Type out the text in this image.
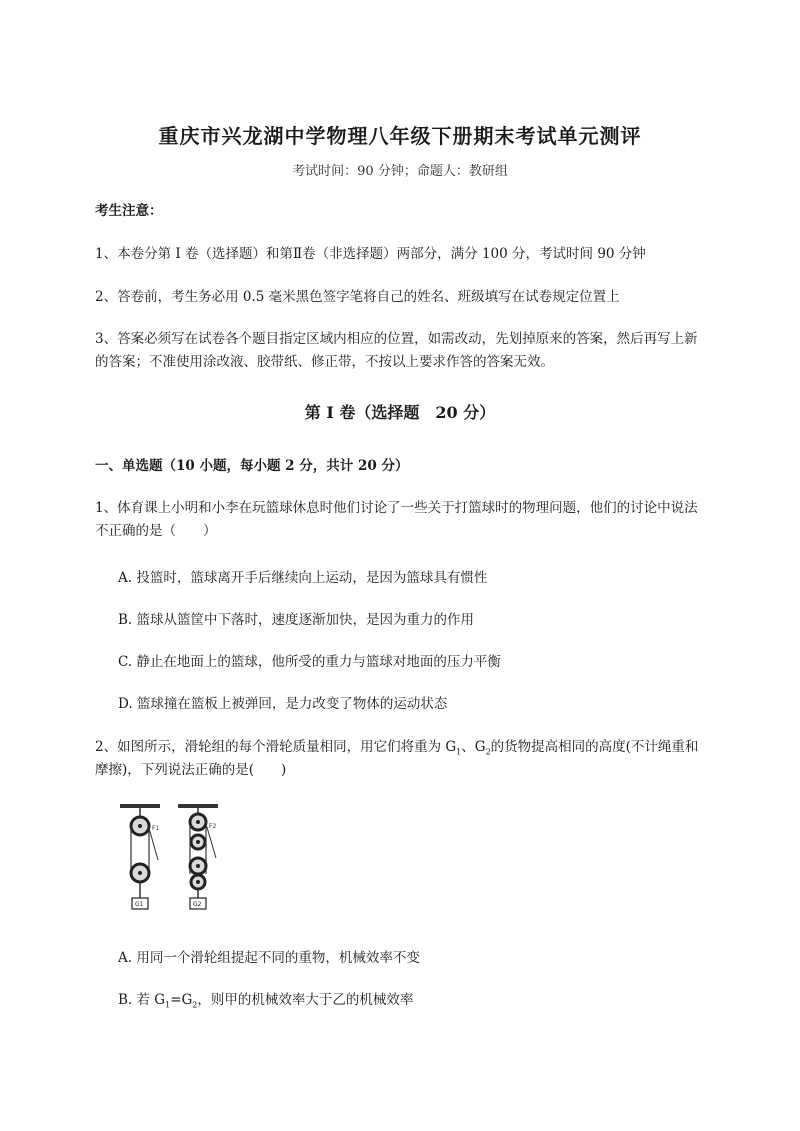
重庆市兴龙湖中学物理八年级下册期末考试单元测评
考试时间：90 分钟；命题人：教研组
考生注意：
1、本卷分第 I 卷（选择题）和第Ⅱ卷（非选择题）两部分，满分 100 分，考试时间 90 分钟
2、答卷前，考生务必用 0.5 毫米黑色签字笔将自己的姓名、班级填写在试卷规定位置上
3、答案必须写在试卷各个题目指定区域内相应的位置，如需改动，先划掉原来的答案，然后再写上新
的答案；不准使用涂改液、胶带纸、修正带，不按以上要求作答的答案无效。
第 I 卷（选择题　20 分）
一、单选题（10 小题，每小题 2 分，共计 20 分）
1、体育课上小明和小李在玩篮球休息时他们讨论了一些关于打篮球时的物理问题，他们的讨论中说法
不正确的是（　　）
A. 投篮时，篮球离开手后继续向上运动，是因为篮球具有惯性
B. 篮球从篮筐中下落时，速度逐渐加快，是因为重力的作用
C. 静止在地面上的篮球，他所受的重力与篮球对地面的压力平衡
D. 篮球撞在篮板上被弹回，是力改变了物体的运动状态
2、如图所示，滑轮组的每个滑轮质量相同，用它们将重为 $G_1$、$G_2$的货物提高相同的高度(不计绳重和
摩擦)，下列说法正确的是(　　)
F1
G1
F2
G2
A. 用同一个滑轮组提起不同的重物，机械效率不变
B. 若 $G_1=G_2$，则甲的机械效率大于乙的机械效率
